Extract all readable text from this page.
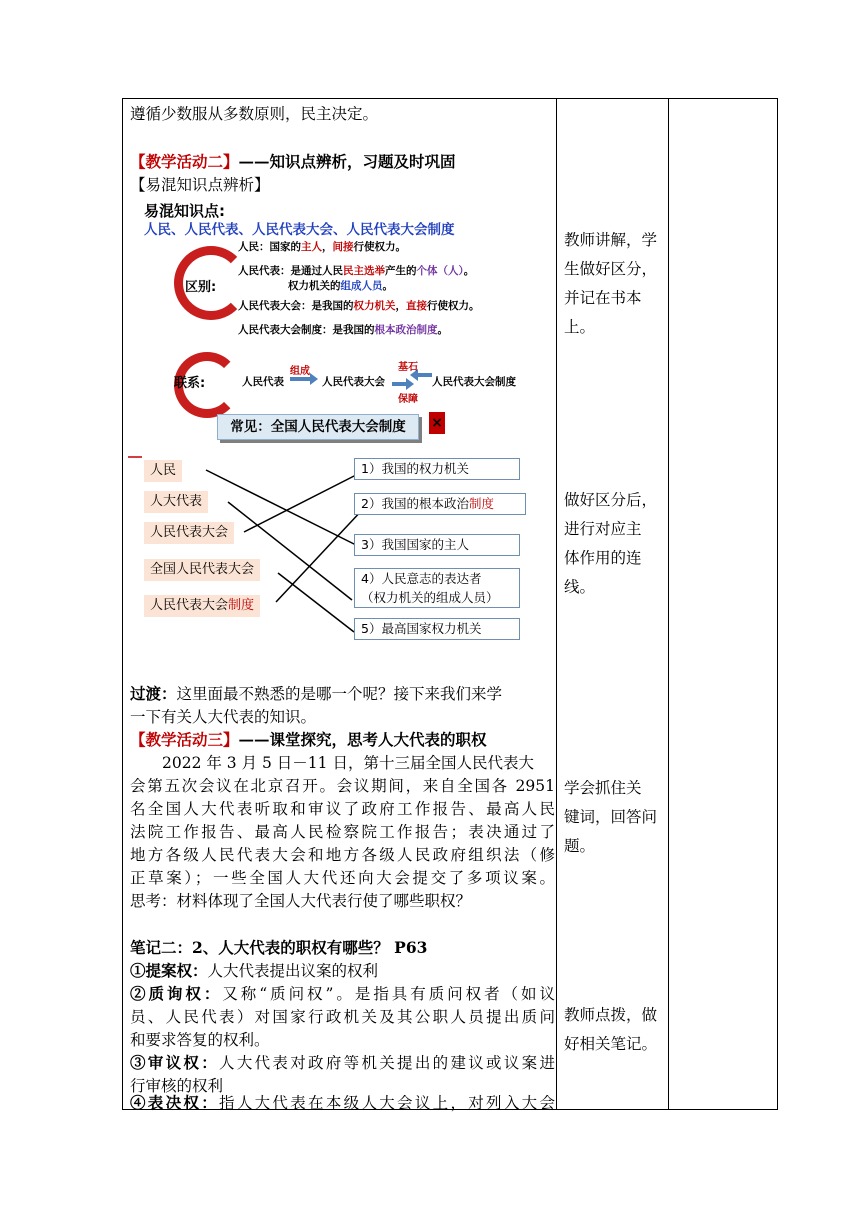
遵循少数服从多数原则，民主决定。
【教学活动二】——知识点辨析，习题及时巩固
【易混知识点辨析】
过渡：这里面最不熟悉的是哪一个呢？接下来我们来学
一下有关人大代表的知识。
【教学活动三】——课堂探究，思考人大代表的职权
2022 年 3 月 5 日－11 日，第十三届全国人民代表大
会第五次会议在北京召开。会议期间，来自全国各 2951
名全国人大代表听取和审议了政府工作报告、最高人民
法院工作报告、最高人民检察院工作报告；表决通过了
地方各级人民代表大会和地方各级人民政府组织法（修
正草案）；一些全国人大代还向大会提交了多项议案。
思考：材料体现了全国人大代表行使了哪些职权？
笔记二：2、人大代表的职权有哪些？ P63
①提案权：人大代表提出议案的权利
②质询权：又称“质问权”。是指具有质问权者（如议
员、人民代表）对国家行政机关及其公职人员提出质问
和要求答复的权利。
③审议权：人大代表对政府等机关提出的建议或议案进
行审核的权利
④表决权：指人大代表在本级人大会议上，对列入大会
教师讲解，学
生做好区分，
并记在书本
上。
做好区分后，
进行对应主
体作用的连
线。
学会抓住关
键词，回答问
题。
教师点拨，做
好相关笔记。
易混知识点:
人民、人民代表、人民代表大会、人民代表大会制度
区别:
人民：国家的主人，间接行使权力。
人民代表：是通过人民民主选举产生的个体（人）。
权力机关的组成人员。
人民代表大会：是我国的权力机关，直接行使权力。
人民代表大会制度：是我国的根本政治制度。
联系:	人民代表
组成
人民代表大会
基石
保障
人民代表大会制度
常见：全国人民代表大会制度	×
人民
人大代表
人民代表大会
全国人民代表大会
人民代表大会制度
1）我国的权力机关
2）我国的根本政治制度
3）我国国家的主人
4）人民意志的表达者
（权力机关的组成人员）
5）最高国家权力机关
